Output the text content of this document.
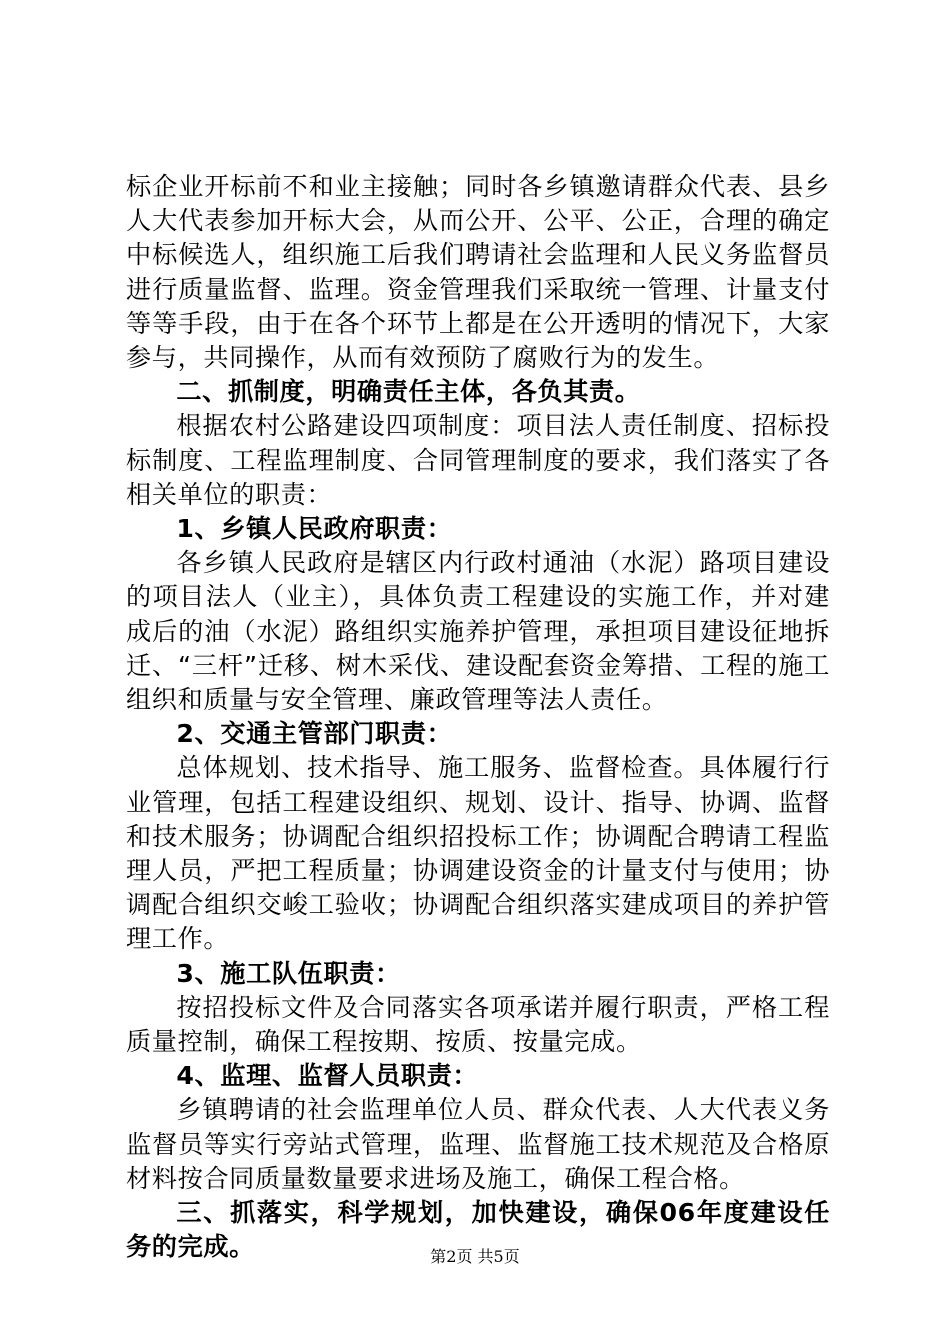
标企业开标前不和业主接触；同时各乡镇邀请群众代表、县乡人大代表参加开标大会，从而公开、公平、公正，合理的确定中标候选人，组织施工后我们聘请社会监理和人民义务监督员进行质量监督、监理。资金管理我们采取统一管理、计量支付等等手段，由于在各个环节上都是在公开透明的情况下，大家参与，共同操作，从而有效预防了腐败行为的发生。

二、抓制度，明确责任主体，各负其责。

根据农村公路建设四项制度：项目法人责任制度、招标投标制度、工程监理制度、合同管理制度的要求，我们落实了各相关单位的职责：

1、乡镇人民政府职责：

各乡镇人民政府是辖区内行政村通油（水泥）路项目建设的项目法人（业主），具体负责工程建设的实施工作，并对建成后的油（水泥）路组织实施养护管理，承担项目建设征地拆迁、“三杆”迁移、树木采伐、建设配套资金筹措、工程的施工组织和质量与安全管理、廉政管理等法人责任。

2、交通主管部门职责：

总体规划、技术指导、施工服务、监督检查。具体履行行业管理，包括工程建设组织、规划、设计、指导、协调、监督和技术服务；协调配合组织招投标工作；协调配合聘请工程监理人员，严把工程质量；协调建设资金的计量支付与使用；协调配合组织交峻工验收；协调配合组织落实建成项目的养护管理工作。

3、施工队伍职责：

按招投标文件及合同落实各项承诺并履行职责，严格工程质量控制，确保工程按期、按质、按量完成。

4、监理、监督人员职责：

乡镇聘请的社会监理单位人员、群众代表、人大代表义务监督员等实行旁站式管理，监理、监督施工技术规范及合格原材料按合同质量数量要求进场及施工，确保工程合格。

三、抓落实，科学规划，加快建设，确保06年度建设任务的完成。	第2页 共5页
